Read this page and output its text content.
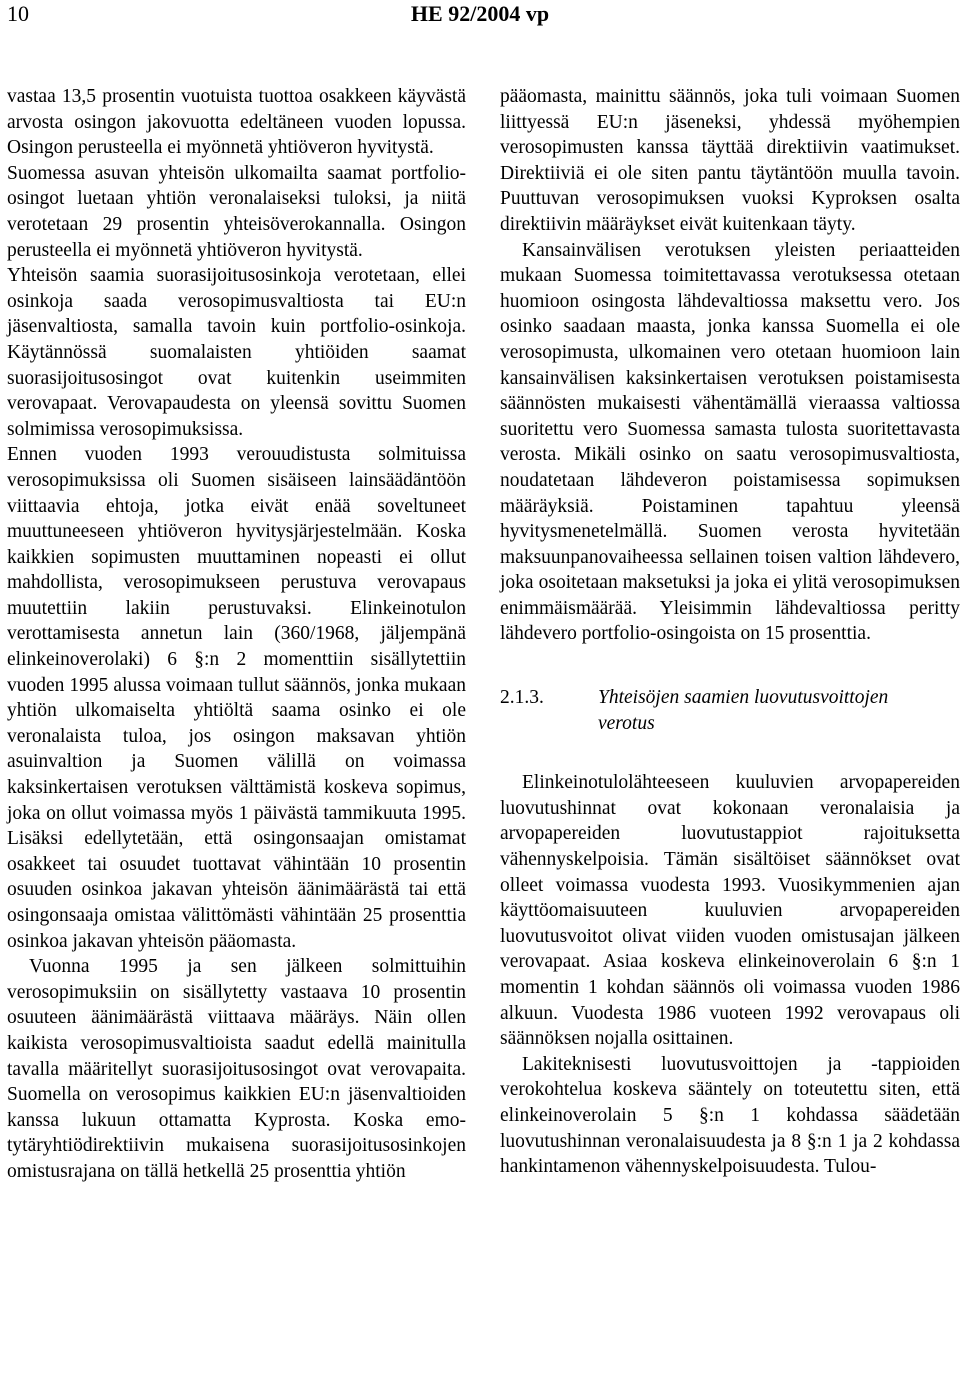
10	HE 92/2004 vp

vastaa 13,5 prosentin vuotuista tuottoa osakkeen käyvästä arvosta osingon jakovuotta edeltäneen vuoden lopussa. Osingon perusteella ei myönnetä yhtiöveron hyvitystä.

Suomessa asuvan yhteisön ulkomailta saamat portfolio-osingot luetaan yhtiön veronalaiseksi tuloksi, ja niitä verotetaan 29 prosentin yhteisöverokannalla. Osingon perusteella ei myönnetä yhtiöveron hyvitystä.

Yhteisön saamia suorasijoitusosinkoja verotetaan, ellei osinkoja saada verosopimusvaltiosta tai EU:n jäsenvaltiosta, samalla tavoin kuin portfolio-osinkoja. Käytännössä suomalaisten yhtiöiden saamat suorasijoitusosingot ovat kuitenkin useimmiten verovapaat. Verovapaudesta on yleensä sovittu Suomen solmimissa verosopimuksissa.

Ennen vuoden 1993 verouudistusta solmituissa verosopimuksissa oli Suomen sisäiseen lainsäädäntöön viittaavia ehtoja, jotka eivät enää soveltuneet muuttuneeseen yhtiöveron hyvitysjärjestelmään. Koska kaikkien sopimusten muuttaminen nopeasti ei ollut mahdollista, verosopimukseen perustuva verovapaus muutettiin lakiin perustuvaksi. Elinkeinotulon verottamisesta annetun lain (360/1968, jäljempänä elinkeinoverolaki) 6 §:n 2 momenttiin sisällytettiin vuoden 1995 alussa voimaan tullut säännös, jonka mukaan yhtiön ulkomaiselta yhtiöltä saama osinko ei ole veronalaista tuloa, jos osingon maksavan yhtiön asuinvaltion ja Suomen välillä on voimassa kaksinkertaisen verotuksen välttämistä koskeva sopimus, joka on ollut voimassa myös 1 päivästä tammikuuta 1995. Lisäksi edellytetään, että osingonsaajan omistamat osakkeet tai osuudet tuottavat vähintään 10 prosentin osuuden osinkoa jakavan yhteisön äänimäärästä tai että osingonsaaja omistaa välittömästi vähintään 25 prosenttia osinkoa jakavan yhteisön pääomasta.

Vuonna 1995 ja sen jälkeen solmittuihin verosopimuksiin on sisällytetty vastaava 10 prosentin osuuteen äänimäärästä viittaava määräys. Näin ollen kaikista verosopimusvaltioista saadut edellä mainitulla tavalla määritellyt suorasijoitusosingot ovat verovapaita. Suomella on verosopimus kaikkien EU:n jäsenvaltioiden kanssa lukuun ottamatta Kyprosta. Koska emo-tytäryhtiödirektiivin mukaisena suorasijoitusosinkojen omistusrajana on tällä hetkellä 25 prosenttia yhtiön

pääomasta, mainittu säännös, joka tuli voimaan Suomen liittyessä EU:n jäseneksi, yhdessä myöhempien verosopimusten kanssa täyttää direktiivin vaatimukset. Direktiiviä ei ole siten pantu täytäntöön muulla tavoin. Puuttuvan verosopimuksen vuoksi Kyproksen osalta direktiivin määräykset eivät kuitenkaan täyty.

Kansainvälisen verotuksen yleisten periaatteiden mukaan Suomessa toimitettavassa verotuksessa otetaan huomioon osingosta lähdevaltiossa maksettu vero. Jos osinko saadaan maasta, jonka kanssa Suomella ei ole verosopimusta, ulkomainen vero otetaan huomioon lain kansainvälisen kaksinkertaisen verotuksen poistamisesta säännösten mukaisesti vähentämällä vieraassa valtiossa suoritettu vero Suomessa samasta tulosta suoritettavasta verosta. Mikäli osinko on saatu verosopimusvaltiosta, noudatetaan lähdeveron poistamisessa sopimuksen määräyksiä. Poistaminen tapahtuu yleensä hyvitysmenetelmällä. Suomen verosta hyvitetään maksuunpanovaiheessa sellainen toisen valtion lähdevero, joka osoitetaan maksetuksi ja joka ei ylitä verosopimuksen enimmäismäärää. Yleisimmin lähdevaltiossa peritty lähdevero portfolio-osingoista on 15 prosenttia.

2.1.3.	Yhteisöjen saamien luovutusvoittojen verotus

Elinkeinotulolähteeseen kuuluvien arvopapereiden luovutushinnat ovat kokonaan veronalaisia ja arvopapereiden luovutustappiot rajoituksetta vähennyskelpoisia. Tämän sisältöiset säännökset ovat olleet voimassa vuodesta 1993. Vuosikymmenien ajan käyttöomaisuuteen kuuluvien arvopapereiden luovutusvoitot olivat viiden vuoden omistusajan jälkeen verovapaat. Asiaa koskeva elinkeinoverolain 6 §:n 1 momentin 1 kohdan säännös oli voimassa vuoden 1986 alkuun. Vuodesta 1986 vuoteen 1992 verovapaus oli säännöksen nojalla osittainen.

Lakiteknisesti luovutusvoittojen ja -tappioiden verokohtelua koskeva sääntely on toteutettu siten, että elinkeinoverolain 5 §:n 1 kohdassa säädetään luovutushinnan veronalaisuudesta ja 8 §:n 1 ja 2 kohdassa hankintamenon vähennyskelpoisuudesta. Tulou-
